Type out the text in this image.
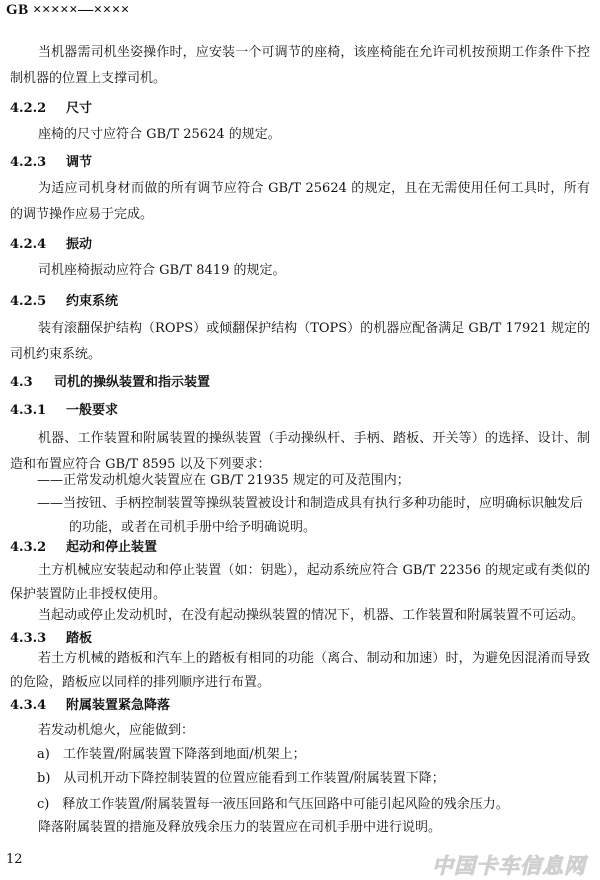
GB ×××××—××××
当机器需司机坐姿操作时，应安装一个可调节的座椅，该座椅能在允许司机按预期工作条件下控制机器的位置上支撑司机。
4.2.2 尺寸
座椅的尺寸应符合 GB/T 25624 的规定。
4.2.3 调节
为适应司机身材而做的所有调节应符合 GB/T 25624 的规定，且在无需使用任何工具时，所有的调节操作应易于完成。
4.2.4 振动
司机座椅振动应符合 GB/T 8419 的规定。
4.2.5 约束系统
装有滚翻保护结构（ROPS）或倾翻保护结构（TOPS）的机器应配备满足 GB/T 17921 规定的司机约束系统。
4.3 司机的操纵装置和指示装置
4.3.1 一般要求
机器、工作装置和附属装置的操纵装置（手动操纵杆、手柄、踏板、开关等）的选择、设计、制造和布置应符合 GB/T 8595 以及下列要求：
——正常发动机熄火装置应在 GB/T 21935 规定的可及范围内；
——当按钮、手柄控制装置等操纵装置被设计和制造成具有执行多种功能时，应明确标识触发后的功能，或者在司机手册中给予明确说明。
4.3.2 起动和停止装置
土方机械应安装起动和停止装置（如：钥匙），起动系统应符合 GB/T 22356 的规定或有类似的保护装置防止非授权使用。
当起动或停止发动机时，在没有起动操纵装置的情况下，机器、工作装置和附属装置不可运动。
4.3.3 踏板
若土方机械的踏板和汽车上的踏板有相同的功能（离合、制动和加速）时，为避免因混淆而导致的危险，踏板应以同样的排列顺序进行布置。
4.3.4 附属装置紧急降落
若发动机熄火，应能做到：
a)　工作装置/附属装置下降落到地面/机架上；
b)　从司机开动下降控制装置的位置应能看到工作装置/附属装置下降；
c)　释放工作装置/附属装置每一液压回路和气压回路中可能引起风险的残余压力。
降落附属装置的措施及释放残余压力的装置应在司机手册中进行说明。
12	中国卡车信息网
